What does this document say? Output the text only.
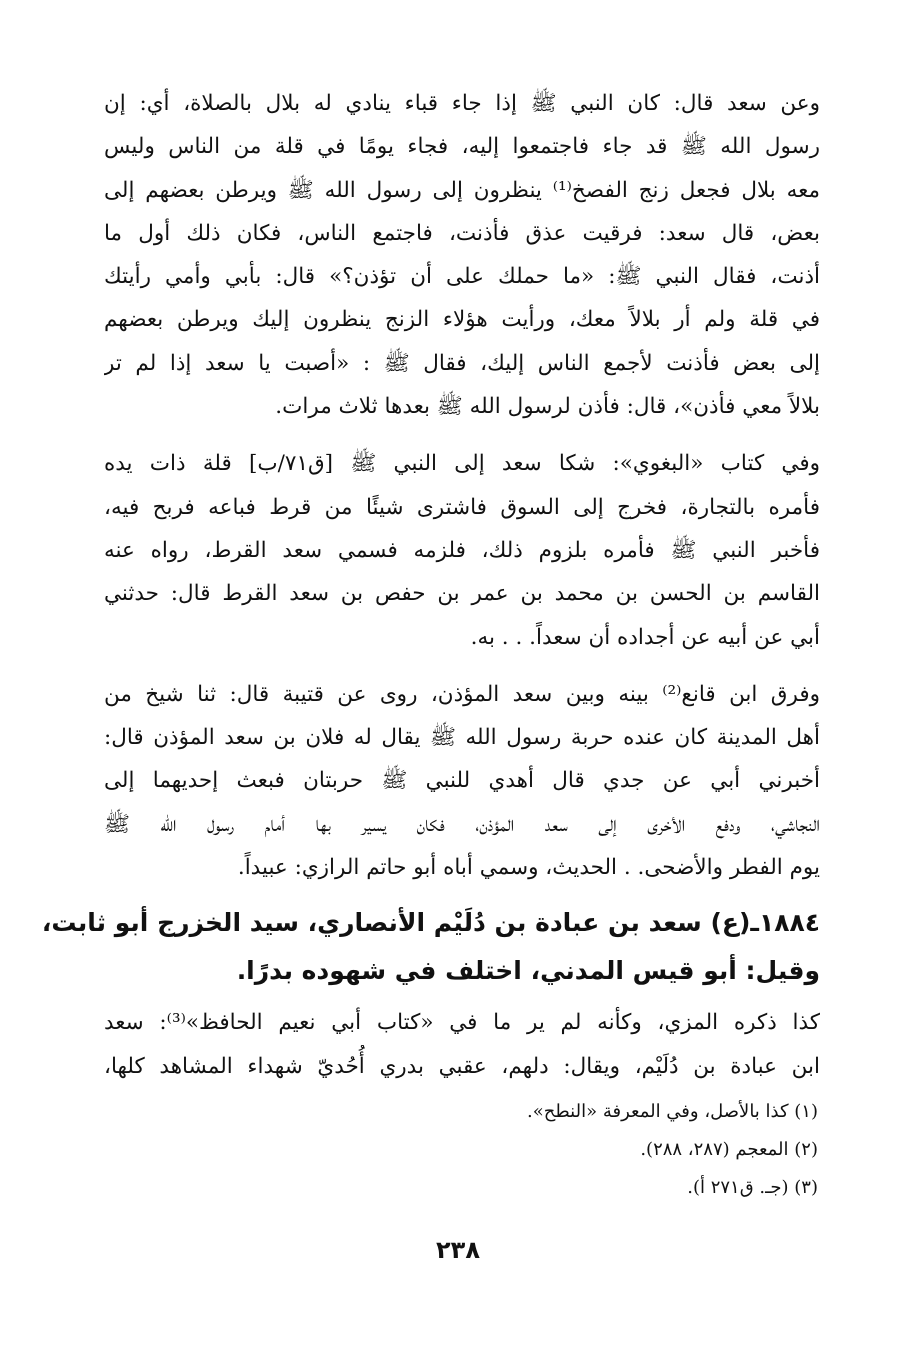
وعن سعد قال: كان النبي ﷺ إذا جاء قباء ينادي له بلال بالصلاة، أي: إن
رسول الله ﷺ قد جاء فاجتمعوا إليه، فجاء يومًا في قلة من الناس وليس
معه بلال فجعل زنج الفصخ⁽¹⁾ ينظرون إلى رسول الله ﷺ ويرطن بعضهم إلى
بعض، قال سعد: فرقيت عذق فأذنت، فاجتمع الناس، فكان ذلك أول ما
أذنت، فقال النبي ﷺ: «ما حملك على أن تؤذن؟» قال: بأبي وأمي رأيتك
في قلة ولم أر بلالاً معك، ورأيت هؤلاء الزنج ينظرون إليك ويرطن بعضهم
إلى بعض فأذنت لأجمع الناس إليك، فقال ﷺ : «أصبت يا سعد إذا لم تر
بلالاً معي فأذن»، قال: فأذن لرسول الله ﷺ بعدها ثلاث مرات.

وفي كتاب «البغوي»: شكا سعد إلى النبي ﷺ [ق٧١/ب] قلة ذات يده
فأمره بالتجارة، فخرج إلى السوق فاشترى شيئًا من قرط فباعه فربح فيه،
فأخبر النبي ﷺ فأمره بلزوم ذلك، فلزمه فسمي سعد القرط، رواه عنه
القاسم بن الحسن بن محمد بن عمر بن حفص بن سعد القرط قال: حدثني
أبي عن أبيه عن أجداده أن سعداً. . . به.

وفرق ابن قانع⁽²⁾ بينه وبين سعد المؤذن، روى عن قتيبة قال: ثنا شيخ من
أهل المدينة كان عنده حربة رسول الله ﷺ يقال له فلان بن سعد المؤذن قال:
أخبرني أبي عن جدي قال أهدي للنبي ﷺ حربتان فبعث إحديهما إلى
النجاشي، ودفع الأخرى إلى سعد المؤذن، فكان يسير بها أمام رسول الله ﷺ
يوم الفطر والأضحى. . الحديث، وسمي أباه أبو حاتم الرازي: عبيداً.

١٨٨٤ـ(ع) سعد بن عبادة بن دُلَيْم الأنصاري، سيد الخزرج أبو ثابت،
وقيل: أبو قيس المدني، اختلف في شهوده بدرًا.

كذا ذكره المزي، وكأنه لم ير ما في «كتاب أبي نعيم الحافظ»⁽³⁾: سعد
ابن عبادة بن دُلَيْم، ويقال: دلهم، عقبي بدري أُحُديّ شهداء المشاهد كلها،

(١) كذا بالأصل، وفي المعرفة «النطح».
(٢) المعجم (٢٨٧، ٢٨٨).
(٣) (جـ. ق٢٧١ أ).
٢٣٨
